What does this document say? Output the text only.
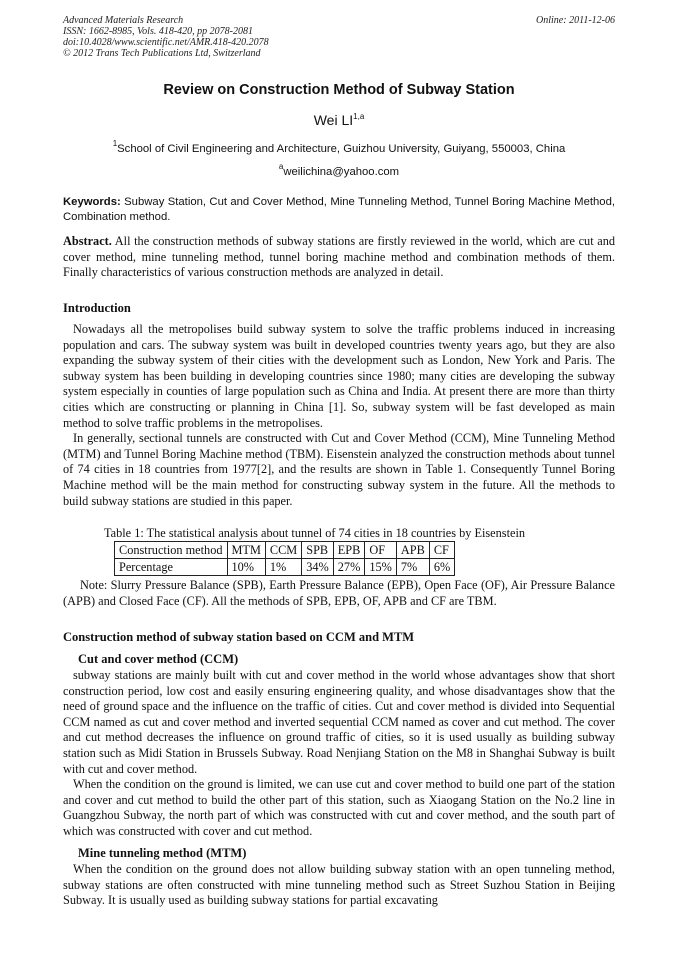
Advanced Materials Research
ISSN: 1662-8985, Vols. 418-420, pp 2078-2081
doi:10.4028/www.scientific.net/AMR.418-420.2078
© 2012 Trans Tech Publications Ltd, Switzerland
Online: 2011-12-06
Review on Construction Method of Subway Station
Wei LI$^{1,a}$
$^1$School of Civil Engineering and Architecture, Guizhou University, Guiyang, 550003, China
$^a$weilichina@yahoo.com
Keywords: Subway Station, Cut and Cover Method, Mine Tunneling Method, Tunnel Boring Machine Method, Combination method.
Abstract. All the construction methods of subway stations are firstly reviewed in the world, which are cut and cover method, mine tunneling method, tunnel boring machine method and combination methods of them. Finally characteristics of various construction methods are analyzed in detail.
Introduction

Nowadays all the metropolises build subway system to solve the traffic problems induced in increasing population and cars. The subway system was built in developed countries twenty years ago, but they are also expanding the subway system of their cities with the development such as London, New York and Paris. The subway system has been building in developing countries since 1980; many cities are developing the subway system especially in counties of large population such as China and India. At present there are more than thirty cities which are constructing or planning in China [1]. So, subway system will be fast developed as main method to solve traffic problems in the metropolises.

In generally, sectional tunnels are constructed with Cut and Cover Method (CCM), Mine Tunneling Method (MTM) and Tunnel Boring Machine method (TBM). Eisenstein analyzed the construction methods about tunnel of 74 cities in 18 countries from 1977[2], and the results are shown in Table 1. Consequently Tunnel Boring Machine method will be the main method for constructing subway system in the future. All the methods to build subway stations are studied in this paper.

Table 1: The statistical analysis about tunnel of 74 cities in 18 countries by Eisenstein
Construction method	MTM	CCM	SPB	EPB	OF	APB	CF
Percentage	10%	1%	34%	27%	15%	7%	6%

Note: Slurry Pressure Balance (SPB), Earth Pressure Balance (EPB), Open Face (OF), Air Pressure Balance (APB) and Closed Face (CF). All the methods of SPB, EPB, OF, APB and CF are TBM.

Construction method of subway station based on CCM and MTM
Cut and cover method (CCM)

subway stations are mainly built with cut and cover method in the world whose advantages show that short construction period, low cost and easily ensuring engineering quality, and whose disadvantages show that the need of ground space and the influence on the traffic of cities. Cut and cover method is divided into Sequential CCM named as cut and cover method and inverted sequential CCM named as cover and cut method. The cover and cut method decreases the influence on ground traffic of cities, so it is used usually as building subway station such as Midi Station in Brussels Subway. Road Nenjiang Station on the M8 in Shanghai Subway is built with cut and cover method.

When the condition on the ground is limited, we can use cut and cover method to build one part of the station and cover and cut method to build the other part of this station, such as Xiaogang Station on the No.2 line in Guangzhou Subway, the north part of which was constructed with cut and cover method, and the south part of which was constructed with cover and cut method.

Mine tunneling method (MTM)

When the condition on the ground does not allow building subway station with an open tunneling method, subway stations are often constructed with mine tunneling method such as Street Suzhou Station in Beijing Subway. It is usually used as building subway stations for partial excavating
